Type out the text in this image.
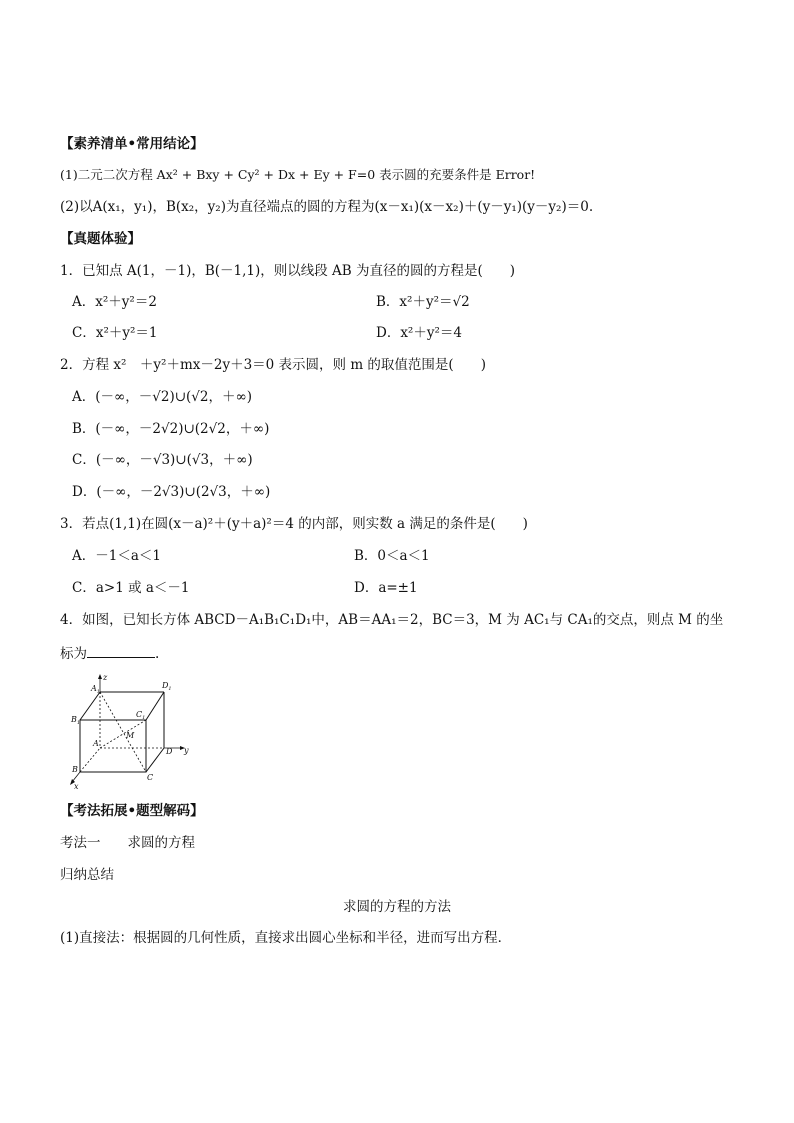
【素养清单•常用结论】
(1)二元二次方程 Ax² + Bxy + Cy² + Dx + Ey + F=0 表示圆的充要条件是 Error!
(2)以A(x₁，y₁)，B(x₂，y₂)为直径端点的圆的方程为(x－x₁)(x－x₂)＋(y－y₁)(y－y₂)＝0.
【真题体验】
1．已知点 A(1，－1)，B(－1,1)，则以线段 AB 为直径的圆的方程是(　　)
A．x²＋y²＝2	B．x²＋y²＝√2
C．x²＋y²＝1	D．x²＋y²＝4
2．方程 x²　＋y²＋mx－2y＋3＝0 表示圆，则 m 的取值范围是(　　)
A．(－∞，－√2)∪(√2，＋∞)
B．(－∞，－2√2)∪(2√2，＋∞)
C．(－∞，－√3)∪(√3，＋∞)
D．(－∞，－2√3)∪(2√3，＋∞)
3．若点(1,1)在圆(x－a)²＋(y＋a)²＝4 的内部，则实数 a 满足的条件是(　　)
A．－1＜a＜1	B．0＜a＜1
C．a>1 或 a＜－1	D．a=±1
4．如图，已知长方体 ABCD－A₁B₁C₁D₁中，AB＝AA₁＝2，BC＝3，M 为 AC₁与 CA₁的交点，则点 M 的坐
标为	.
$A_1$
z
$D_1$
$B_1$
$C_1$
M
A
D y
B
C
x
【考法拓展•题型解码】
考法一　　求圆的方程
归纳总结
求圆的方程的方法
(1)直接法：根据圆的几何性质，直接求出圆心坐标和半径，进而写出方程．
